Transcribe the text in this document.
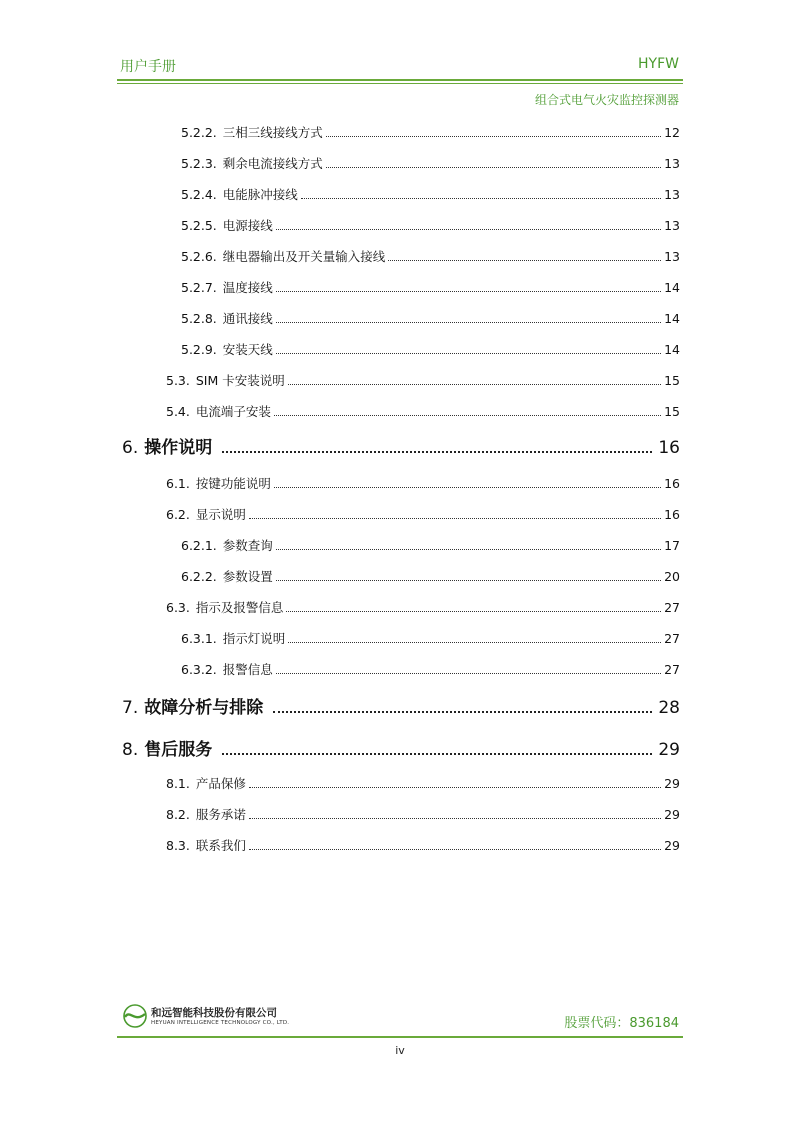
用户手册	HYFW
组合式电气火灾监控探测器
5.2.2. 三相三线接线方式	12
5.2.3. 剩余电流接线方式	13
5.2.4. 电能脉冲接线	13
5.2.5. 电源接线	13
5.2.6. 继电器输出及开关量输入接线	13
5.2.7. 温度接线	14
5.2.8. 通讯接线	14
5.2.9. 安装天线	14
5.3. SIM 卡安装说明	15
5.4. 电流端子安装	15
6. 操作说明	16
6.1. 按键功能说明	16
6.2. 显示说明	16
6.2.1. 参数查询	17
6.2.2. 参数设置	20
6.3. 指示及报警信息	27
6.3.1. 指示灯说明	27
6.3.2. 报警信息	27
7. 故障分析与排除	28
8. 售后服务	29
8.1. 产品保修	29
8.2. 服务承诺	29
8.3. 联系我们	29
和远智能科技股份有限公司
HEYUAN INTELLIGENCE TECHNOLOGY CO., LTD.	股票代码：836184
iv
